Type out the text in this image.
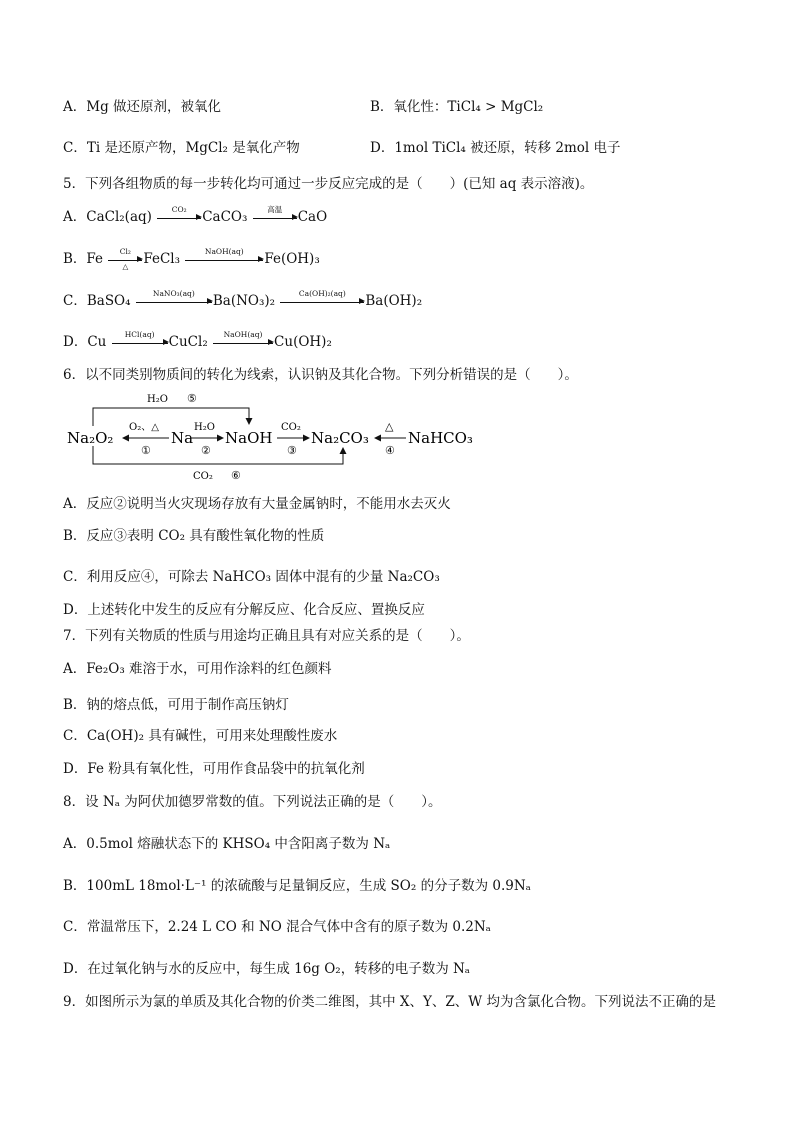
A．Mg 做还原剂，被氧化	B．氧化性：TiCl₄ > MgCl₂
C．Ti 是还原产物，MgCl₂ 是氧化产物	D．1mol TiCl₄ 被还原，转移 2mol 电子
5．下列各组物质的每一步转化均可通过一步反应完成的是（　　）(已知 aq 表示溶液)。
A．CaCl₂(aq)	CO₂	CaCO₃	高温	CaO
B．Fe	Cl₂
△	FeCl₃	NaOH(aq)	Fe(OH)₃
C．BaSO₄	NaNO₃(aq)	Ba(NO₃)₂	Ca(OH)₂(aq)	Ba(OH)₂
D．Cu	HCl(aq)	CuCl₂	NaOH(aq) Cu(OH)₂
6．以不同类别物质间的转化为线索，认识钠及其化合物。下列分析错误的是（　　）。
Na₂O₂	Na NaOH	Na₂CO₃	NaHCO₃
O₂、△
①
H₂O
②
CO₂
③
△
④
H₂O ⑤
CO₂ ⑥
A．反应②说明当火灾现场存放有大量金属钠时，不能用水去灭火
B．反应③表明 CO₂ 具有酸性氧化物的性质
C．利用反应④，可除去 NaHCO₃ 固体中混有的少量 Na₂CO₃
D．上述转化中发生的反应有分解反应、化合反应、置换反应
7．下列有关物质的性质与用途均正确且具有对应关系的是（　　）。
A．Fe₂O₃ 难溶于水，可用作涂料的红色颜料
B．钠的熔点低，可用于制作高压钠灯
C．Ca(OH)₂ 具有碱性，可用来处理酸性废水
D．Fe 粉具有氧化性，可用作食品袋中的抗氧化剂
8．设 Nₐ 为阿伏加德罗常数的值。下列说法正确的是（　　）。
A．0.5mol 熔融状态下的 KHSO₄ 中含阳离子数为 Nₐ
B．100mL 18mol·L⁻¹ 的浓硫酸与足量铜反应，生成 SO₂ 的分子数为 0.9Nₐ
C．常温常压下，2.24 L CO 和 NO 混合气体中含有的原子数为 0.2Nₐ
D．在过氧化钠与水的反应中，每生成 16g O₂，转移的电子数为 Nₐ
9．如图所示为氯的单质及其化合物的价类二维图，其中 X、Y、Z、W 均为含氯化合物。下列说法不正确的是
